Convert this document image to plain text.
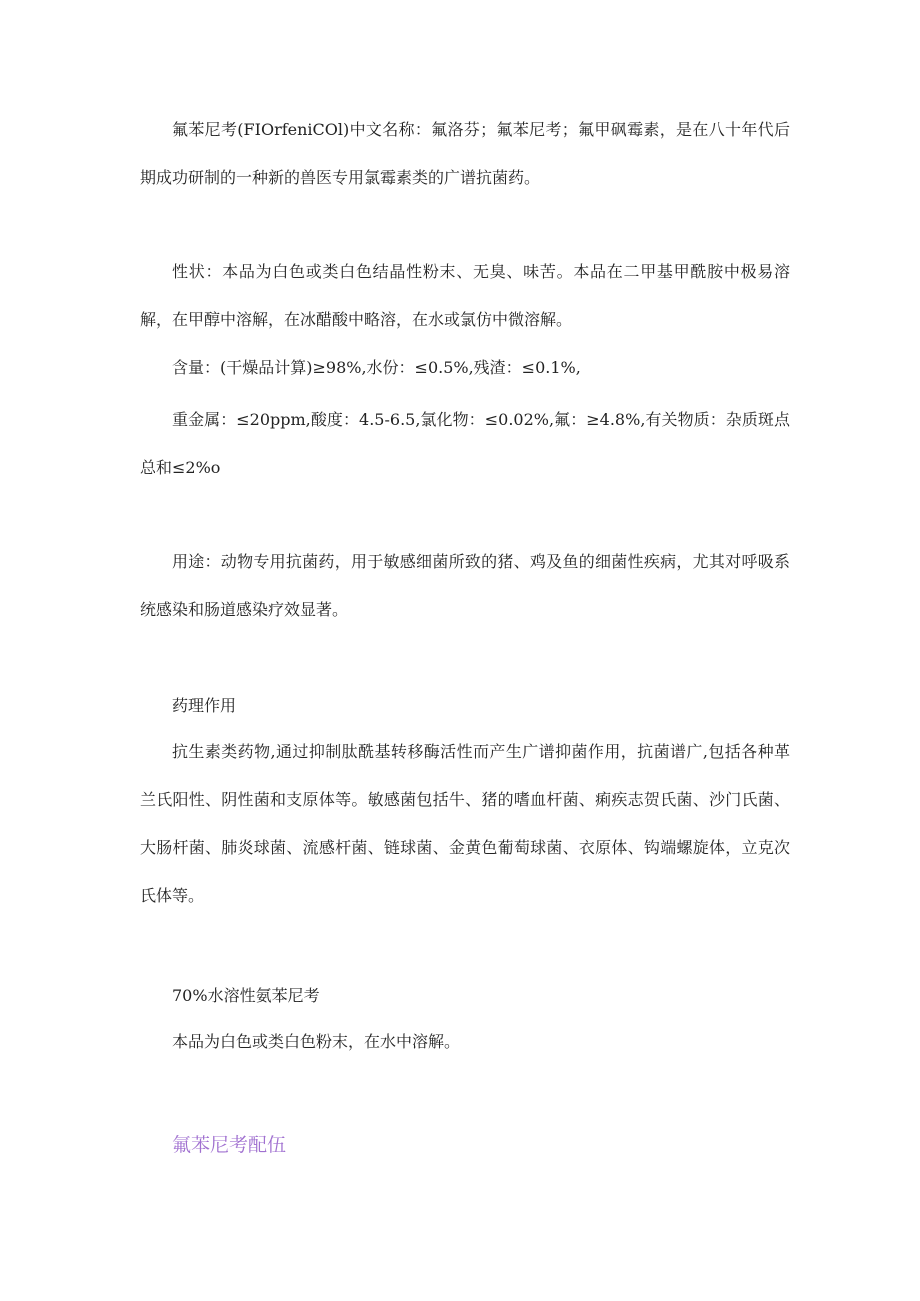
氟苯尼考(FIOrfeniCOl)中文名称：氟洛芬；氟苯尼考；氟甲砜霉素，是在八十年代后期成功研制的一种新的兽医专用氯霉素类的广谱抗菌药。

性状：本品为白色或类白色结晶性粉末、无臭、味苦。本品在二甲基甲酰胺中极易溶解，在甲醇中溶解，在冰醋酸中略溶，在水或氯仿中微溶解。

含量：(干燥品计算)≥98%,水份：≤0.5%,残渣：≤0.1%,

重金属：≤20ppm,酸度：4.5-6.5,氯化物：≤0.02%,氟：≥4.8%,有关物质：杂质斑点总和≤2%o

用途：动物专用抗菌药，用于敏感细菌所致的猪、鸡及鱼的细菌性疾病，尤其对呼吸系统感染和肠道感染疗效显著。

药理作用

抗生素类药物,通过抑制肽酰基转移酶活性而产生广谱抑菌作用，抗菌谱广,包括各种革兰氏阳性、阴性菌和支原体等。敏感菌包括牛、猪的嗜血杆菌、痢疾志贺氏菌、沙门氏菌、大肠杆菌、肺炎球菌、流感杆菌、链球菌、金黄色葡萄球菌、衣原体、钩端螺旋体，立克次氏体等。

70%水溶性氨苯尼考

本品为白色或类白色粉末，在水中溶解。

氟苯尼考配伍
